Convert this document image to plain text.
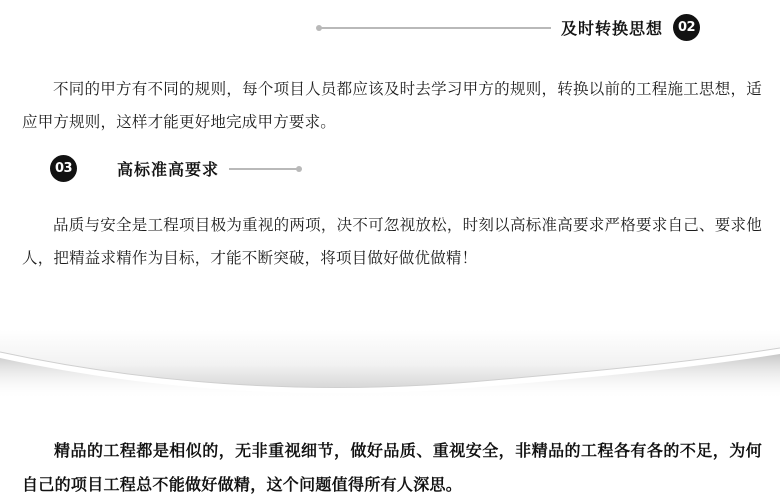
及时转换思想	02

不同的甲方有不同的规则，每个项目人员都应该及时去学习甲方的规则，转换以前的工程施工思想，适应甲方规则，这样才能更好地完成甲方要求。

03	高标准高要求

品质与安全是工程项目极为重视的两项，决不可忽视放松，时刻以高标准高要求严格要求自己、要求他人，把精益求精作为目标，才能不断突破，将项目做好做优做精！

精品的工程都是相似的，无非重视细节，做好品质、重视安全，非精品的工程各有各的不足，为何自己的项目工程总不能做好做精，这个问题值得所有人深思。
